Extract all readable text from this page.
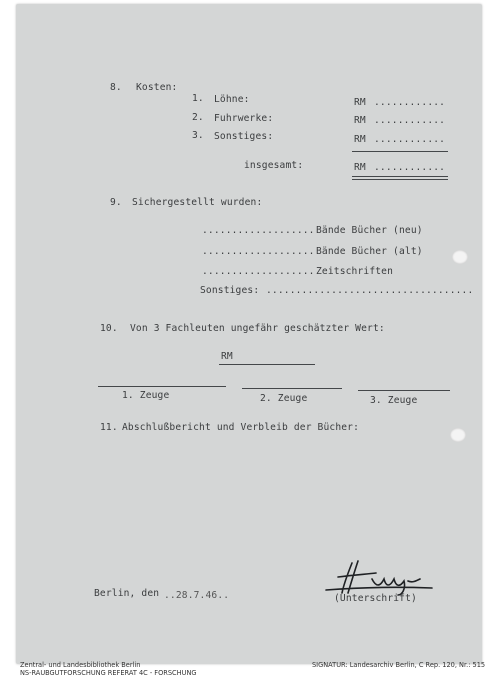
8. Kosten:
1. Löhne:	RM ............
2. Fuhrwerke:	RM ............
3. Sonstiges:	RM ............
insgesamt:	RM ............
9. Sichergestellt wurden:
................... Bände Bücher (neu)
................... Bände Bücher (alt)
................... Zeitschriften
Sonstiges: ...................................
10. Von 3 Fachleuten ungefähr geschätzter Wert:
RM
1. Zeuge	2. Zeuge	3. Zeuge
11. Abschlußbericht und Verbleib der Bücher:
Berlin, den ..28.7.46..	(Unterschrift)
Zentral- und Landesbibliothek Berlin
NS-RAUBGUTFORSCHUNG REFERAT 4C - FORSCHUNG
SIGNATUR: Landesarchiv Berlin, C Rep. 120, Nr.: 515
